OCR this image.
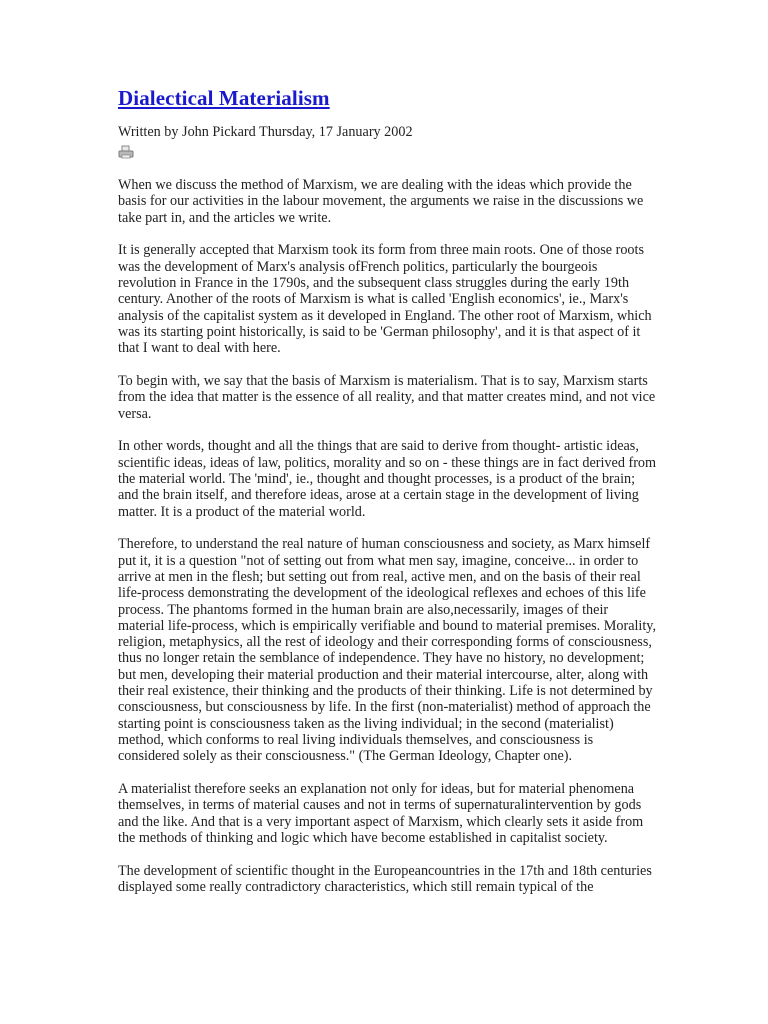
Dialectical Materialism
Written by John Pickard Thursday, 17 January 2002

When we discuss the method of Marxism, we are dealing with the ideas which provide the basis for our activities in the labour movement, the arguments we raise in the discussions we take part in, and the articles we write.

It is generally accepted that Marxism took its form from three main roots. One of those roots was the development of Marx's analysis ofFrench politics, particularly the bourgeois revolution in France in the 1790s, and the subsequent class struggles during the early 19th century. Another of the roots of Marxism is what is called 'English economics', ie., Marx's analysis of the capitalist system as it developed in England. The other root of Marxism, which was its starting point historically, is said to be 'German philosophy', and it is that aspect of it that I want to deal with here.

To begin with, we say that the basis of Marxism is materialism. That is to say, Marxism starts from the idea that matter is the essence of all reality, and that matter creates mind, and not vice versa.

In other words, thought and all the things that are said to derive from thought- artistic ideas, scientific ideas, ideas of law, politics, morality and so on - these things are in fact derived from the material world. The 'mind', ie., thought and thought processes, is a product of the brain; and the brain itself, and therefore ideas, arose at a certain stage in the development of living matter. It is a product of the material world.

Therefore, to understand the real nature of human consciousness and society, as Marx himself put it, it is a question "not of setting out from what men say, imagine, conceive... in order to arrive at men in the flesh; but setting out from real, active men, and on the basis of their real life-process demonstrating the development of the ideological reflexes and echoes of this life process. The phantoms formed in the human brain are also,necessarily, images of their material life-process, which is empirically verifiable and bound to material premises. Morality, religion, metaphysics, all the rest of ideology and their corresponding forms of consciousness, thus no longer retain the semblance of independence. They have no history, no development; but men, developing their material production and their material intercourse, alter, along with their real existence, their thinking and the products of their thinking. Life is not determined by consciousness, but consciousness by life. In the first (non-materialist) method of approach the starting point is consciousness taken as the living individual; in the second (materialist) method, which conforms to real living individuals themselves, and consciousness is considered solely as their consciousness." (The German Ideology, Chapter one).

A materialist therefore seeks an explanation not only for ideas, but for material phenomena themselves, in terms of material causes and not in terms of supernaturalintervention by gods and the like. And that is a very important aspect of Marxism, which clearly sets it aside from the methods of thinking and logic which have become established in capitalist society.

The development of scientific thought in the Europeancountries in the 17th and 18th centuries displayed some really contradictory characteristics, which still remain typical of the
